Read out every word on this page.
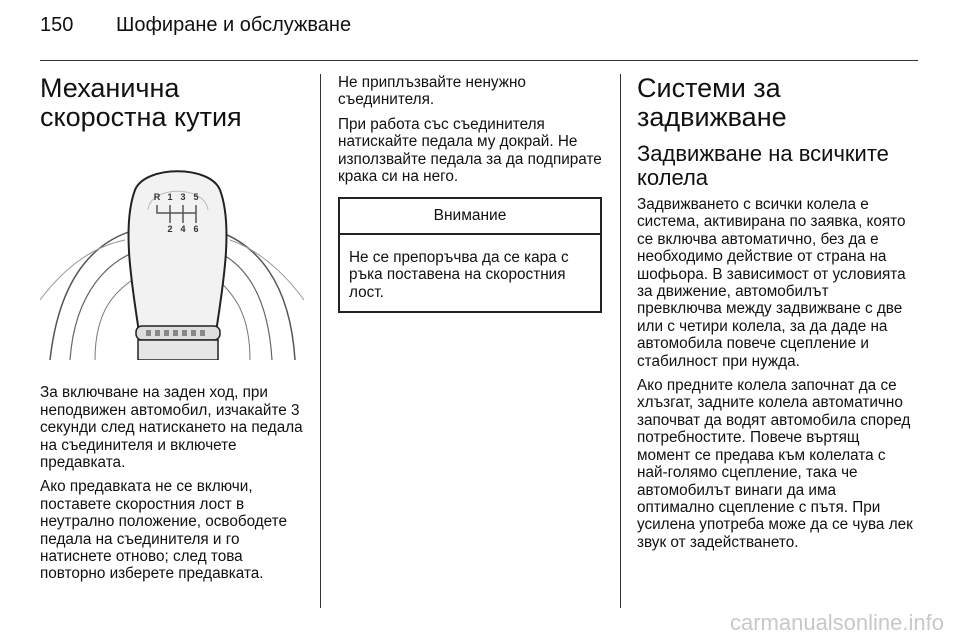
150 Шофиране и обслужване
Механична скоростна кутия
R 1 3 5
2 4 6

За включване на заден ход, при неподвижен автомобил, изчакайте 3 секунди след натискането на педала на съединителя и включете предавката.

Ако предавката не се включи, поставете скоростния лост в неутрално положение, освободете педала на съединителя и го натиснете отново; след това повторно изберете предавката.

Не приплъзвайте ненужно съединителя.

При работа със съединителя натискайте педала му докрай. Не използвайте педала за да подпирате крака си на него.

Внимание
Не се препоръчва да се кара с ръка поставена на скоростния лост.
Системи за задвижване
Задвижване на всичките колела

Задвижването с всички колела е система, активирана по заявка, която се включва автоматично, без да е необходимо действие от страна на шофьора. В зависимост от условията за движение, автомобилът превключва между задвижване с две или с четири колела, за да даде на автомобила повече сцепление и стабилност при нужда.

Ако предните колела започнат да се хлъзгат, задните колела автоматично започват да водят автомобила според потребностите. Повече въртящ момент се предава към колелата с най-голямо сцепление, така че автомобилът винаги да има оптимално сцепление с пътя. При усилена употреба може да се чува лек звук от задействането.

carmanualsonline.info
